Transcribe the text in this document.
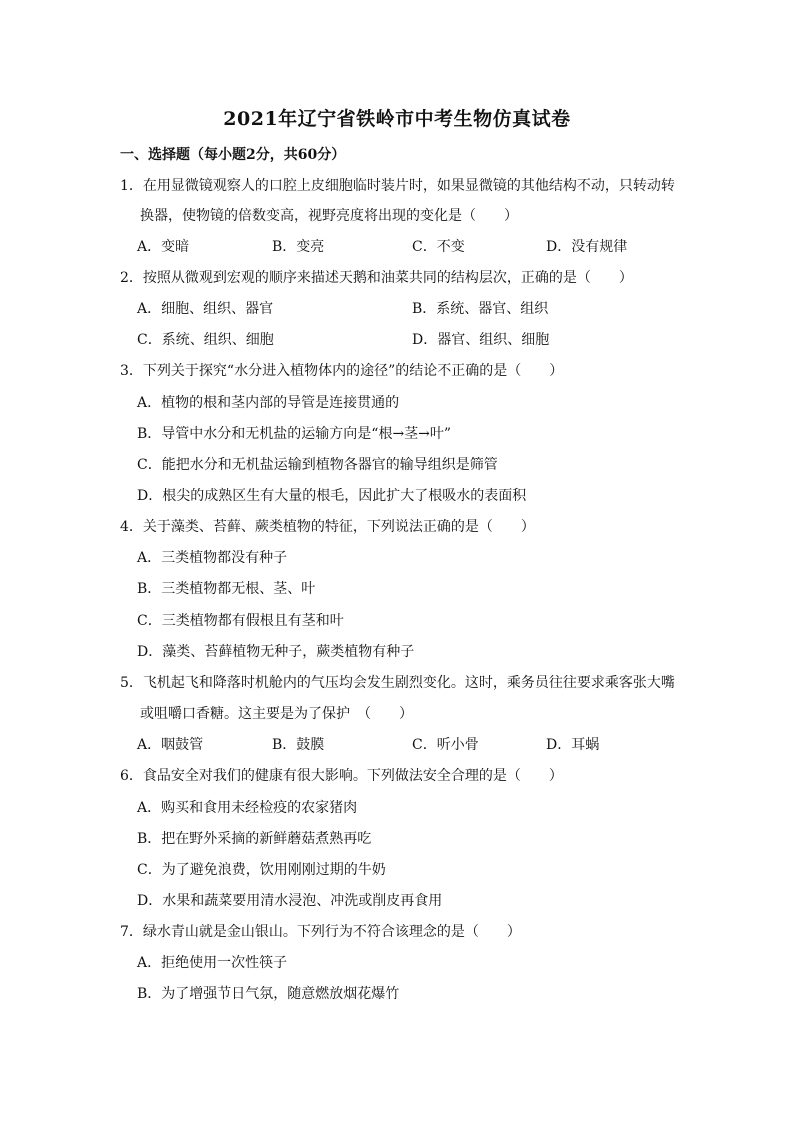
2021年辽宁省铁岭市中考生物仿真试卷
一、选择题（每小题2分，共60分）
1．在用显微镜观察人的口腔上皮细胞临时装片时，如果显微镜的其他结构不动，只转动转
换器，使物镜的倍数变高，视野亮度将出现的变化是（　　）
A．变暗	B．变亮	C．不变	D．没有规律
2．按照从微观到宏观的顺序来描述天鹅和油菜共同的结构层次，正确的是（　　）
A．细胞、组织、器官	B．系统、器官、组织
C．系统、组织、细胞	D．器官、组织、细胞
3．下列关于探究“水分进入植物体内的途径”的结论不正确的是（　　）
A．植物的根和茎内部的导管是连接贯通的
B．导管中水分和无机盐的运输方向是“根→茎→叶”
C．能把水分和无机盐运输到植物各器官的输导组织是筛管
D．根尖的成熟区生有大量的根毛，因此扩大了根吸水的表面积
4．关于藻类、苔藓、蕨类植物的特征，下列说法正确的是（　　）
A．三类植物都没有种子
B．三类植物都无根、茎、叶
C．三类植物都有假根且有茎和叶
D．藻类、苔藓植物无种子，蕨类植物有种子
5．飞机起飞和降落时机舱内的气压均会发生剧烈变化。这时，乘务员往往要求乘客张大嘴
或咀嚼口香糖。这主要是为了保护　（　　）
A．咽鼓管	B．鼓膜	C．听小骨	D．耳蜗
6．食品安全对我们的健康有很大影响。下列做法安全合理的是（　　）
A．购买和食用未经检疫的农家猪肉
B．把在野外采摘的新鲜蘑菇煮熟再吃
C．为了避免浪费，饮用刚刚过期的牛奶
D．水果和蔬菜要用清水浸泡、冲洗或削皮再食用
7．绿水青山就是金山银山。下列行为不符合该理念的是（　　）
A．拒绝使用一次性筷子
B．为了增强节日气氛，随意燃放烟花爆竹
